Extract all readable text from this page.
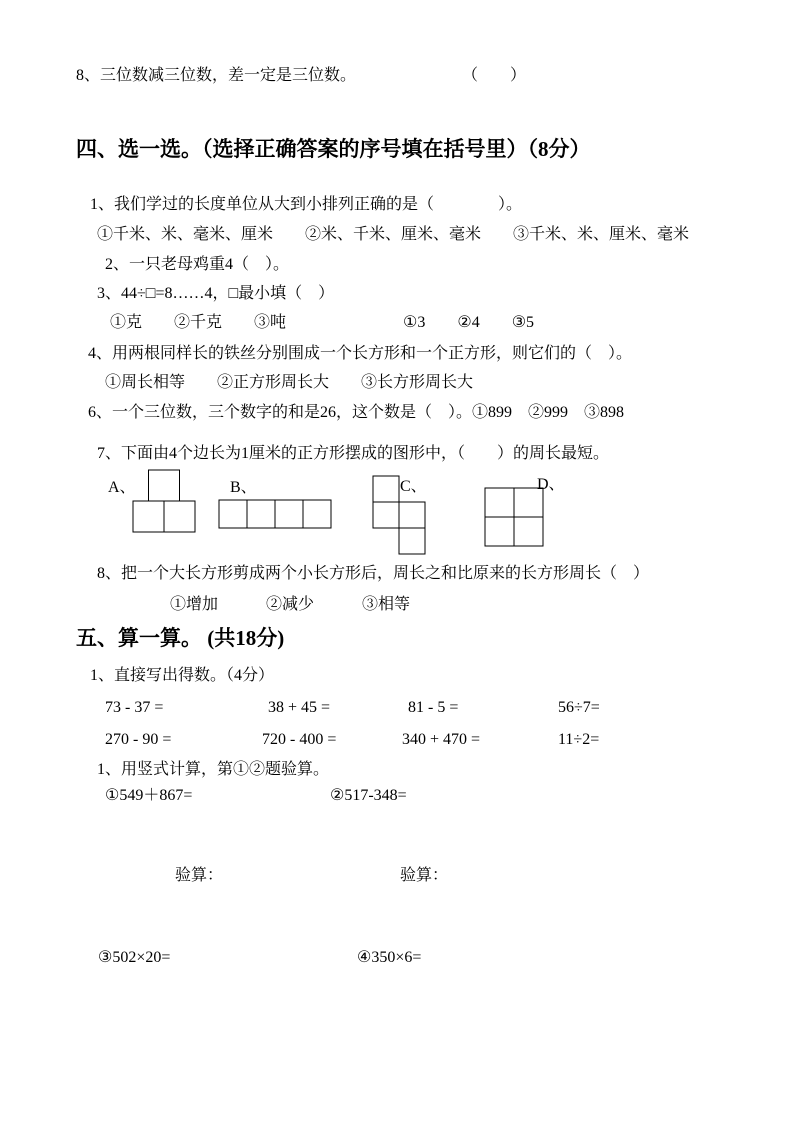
8、三位数减三位数，差一定是三位数。	（　　）
四、选一选。（选择正确答案的序号填在括号里）（8分）
1、我们学过的长度单位从大到小排列正确的是（　　　　）。
①千米、米、毫米、厘米　　②米、千米、厘米、毫米　　③千米、米、厘米、毫米
2、一只老母鸡重4（　）。
3、44÷□=8……4，□最小填（　）
①克　　②千克　　③吨	①3　　②4　　③5
4、用两根同样长的铁丝分别围成一个长方形和一个正方形，则它们的（　）。
①周长相等　　②正方形周长大　　③长方形周长大
6、一个三位数，三个数字的和是26，这个数是（　）。①899　②999　③898
7、下面由4个边长为1厘米的正方形摆成的图形中，（　　）的周长最短。
A、	B、	C、	D、
8、把一个大长方形剪成两个小长方形后，周长之和比原来的长方形周长（　）
①增加　　　②减少　　　③相等
五、算一算。 (共18分)
1、直接写出得数。（4分）
73 - 37 =	38 + 45 =	81 - 5 =	56÷7=
270 - 90 =	720 - 400 =	340 + 470 =	11÷2=
1、用竖式计算，第①②题验算。
①549＋867=	②517-348=
验算：	验算：
③502×20=	④350×6=
